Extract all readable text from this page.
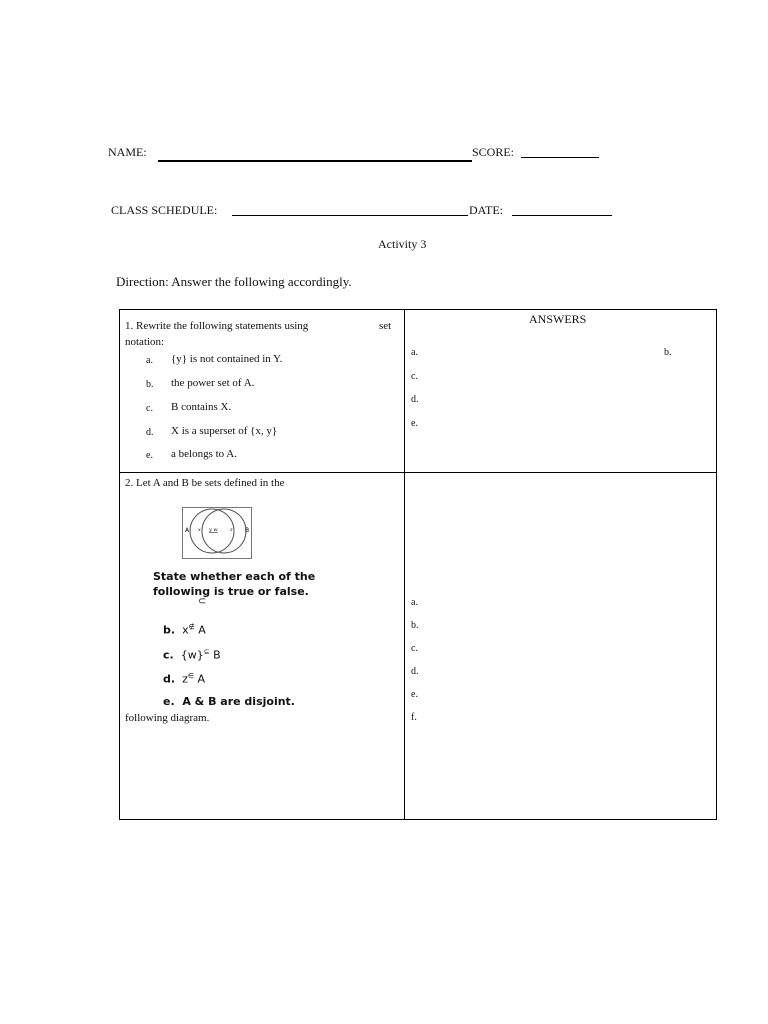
NAME:	SCORE:
CLASS SCHEDULE:	DATE:
Activity 3
Direction: Answer the following accordingly.
1. Rewrite the following statements using	set
notation:
a. {y} is not contained in Y.
b. the power set of A.
c. B contains X.
d. X is a superset of {x, y}
e. a belongs to A.
ANSWERS
a.	b.
c.
d.
e.
2. Let A and B be sets defined in the
A	B
x y w z
State whether each of the following is true or false.
⊂
b. x∉ A
c. {w}⊆ B
d. z∈ A
e. A & B are disjoint.
following diagram.
a.
b.
c.
d.
e.
f.
